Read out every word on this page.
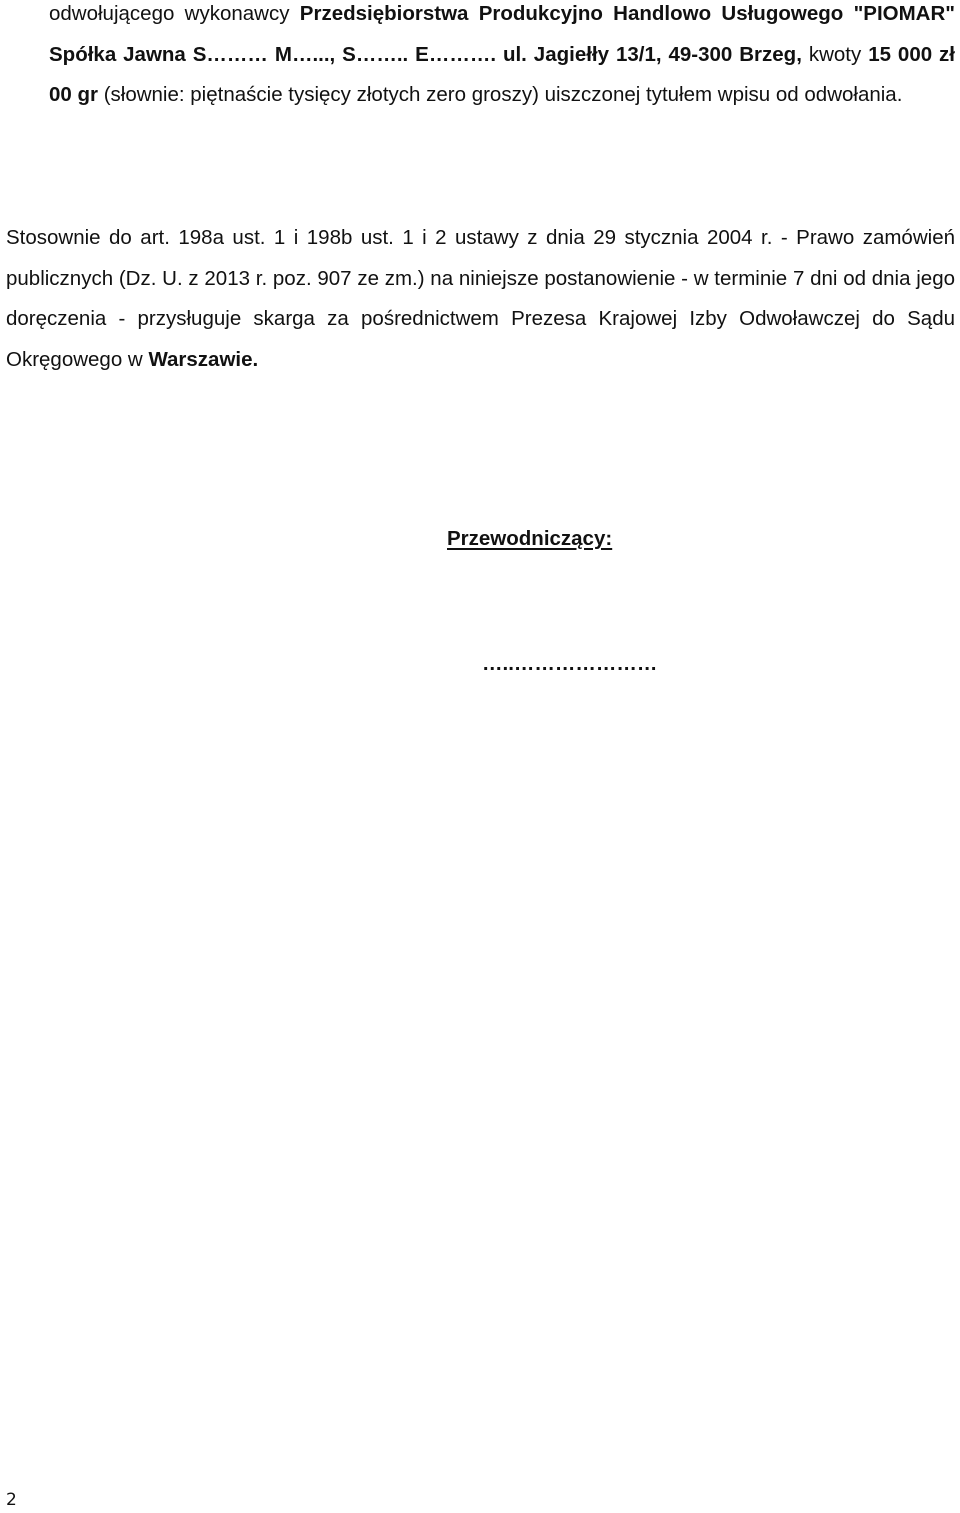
odwołującego wykonawcy Przedsiębiorstwa Produkcyjno Handlowo Usługowego "PIOMAR" Spółka Jawna S……… M…..., S…….. E………. ul. Jagiełły 13/1, 49-300 Brzeg, kwoty 15 000 zł 00 gr (słownie: piętnaście tysięcy złotych zero groszy) uiszczonej tytułem wpisu od odwołania.

Stosownie do art. 198a ust. 1 i 198b ust. 1 i 2 ustawy z dnia 29 stycznia 2004 r. - Prawo zamówień publicznych (Dz. U. z 2013 r. poz. 907 ze zm.) na niniejsze postanowienie - w terminie 7 dni od dnia jego doręczenia - przysługuje skarga za pośrednictwem Prezesa Krajowej Izby Odwoławczej do Sądu Okręgowego w Warszawie.

Przewodniczący:
…..…………………
2
